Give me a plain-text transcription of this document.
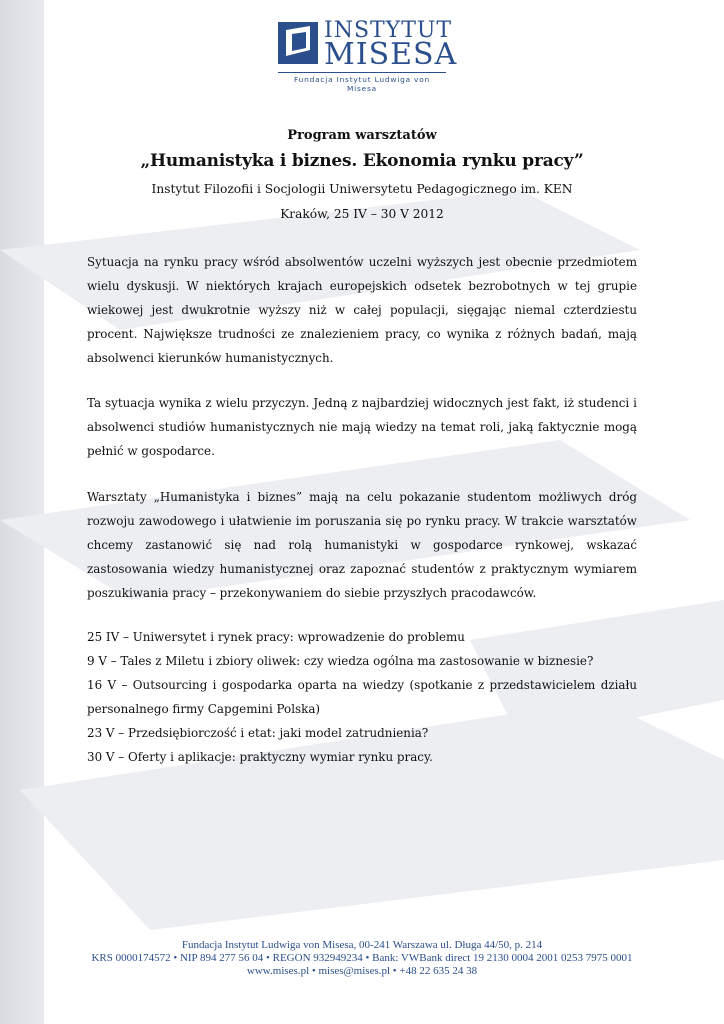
INSTYTUT
MISESA
Fundacja Instytut Ludwiga von Misesa
Program warsztatów
„Humanistyka i biznes. Ekonomia rynku pracy”
Instytut Filozofii i Socjologii Uniwersytetu Pedagogicznego im. KEN
Kraków, 25 IV – 30 V 2012

Sytuacja na rynku pracy wśród absolwentów uczelni wyższych jest obecnie przedmiotem wielu dyskusji. W niektórych krajach europejskich odsetek bezrobotnych w tej grupie wiekowej jest dwukrotnie wyższy niż w całej populacji, sięgając niemal czterdziestu procent. Największe trudności ze znalezieniem pracy, co wynika z różnych badań, mają absolwenci kierunków humanistycznych.

Ta sytuacja wynika z wielu przyczyn. Jedną z najbardziej widocznych jest fakt, iż studenci i absolwenci studiów humanistycznych nie mają wiedzy na temat roli, jaką faktycznie mogą pełnić w gospodarce.

Warsztaty „Humanistyka i biznes” mają na celu pokazanie studentom możliwych dróg rozwoju zawodowego i ułatwienie im poruszania się po rynku pracy. W trakcie warsztatów chcemy zastanowić się nad rolą humanistyki w gospodarce rynkowej, wskazać zastosowania wiedzy humanistycznej oraz zapoznać studentów z praktycznym wymiarem poszukiwania pracy – przekonywaniem do siebie przyszłych pracodawców.

25 IV – Uniwersytet i rynek pracy: wprowadzenie do problemu
9 V – Tales z Miletu i zbiory oliwek: czy wiedza ogólna ma zastosowanie w biznesie?
16 V – Outsourcing i gospodarka oparta na wiedzy (spotkanie z przedstawicielem działu personalnego firmy Capgemini Polska)
23 V – Przedsiębiorczość i etat: jaki model zatrudnienia?
30 V – Oferty i aplikacje: praktyczny wymiar rynku pracy.
Fundacja Instytut Ludwiga von Misesa, 00-241 Warszawa ul. Długa 44/50, p. 214
KRS 0000174572 • NIP 894 277 56 04 • REGON 932949234 • Bank: VWBank direct 19 2130 0004 2001 0253 7975 0001
www.mises.pl • mises@mises.pl • +48 22 635 24 38
